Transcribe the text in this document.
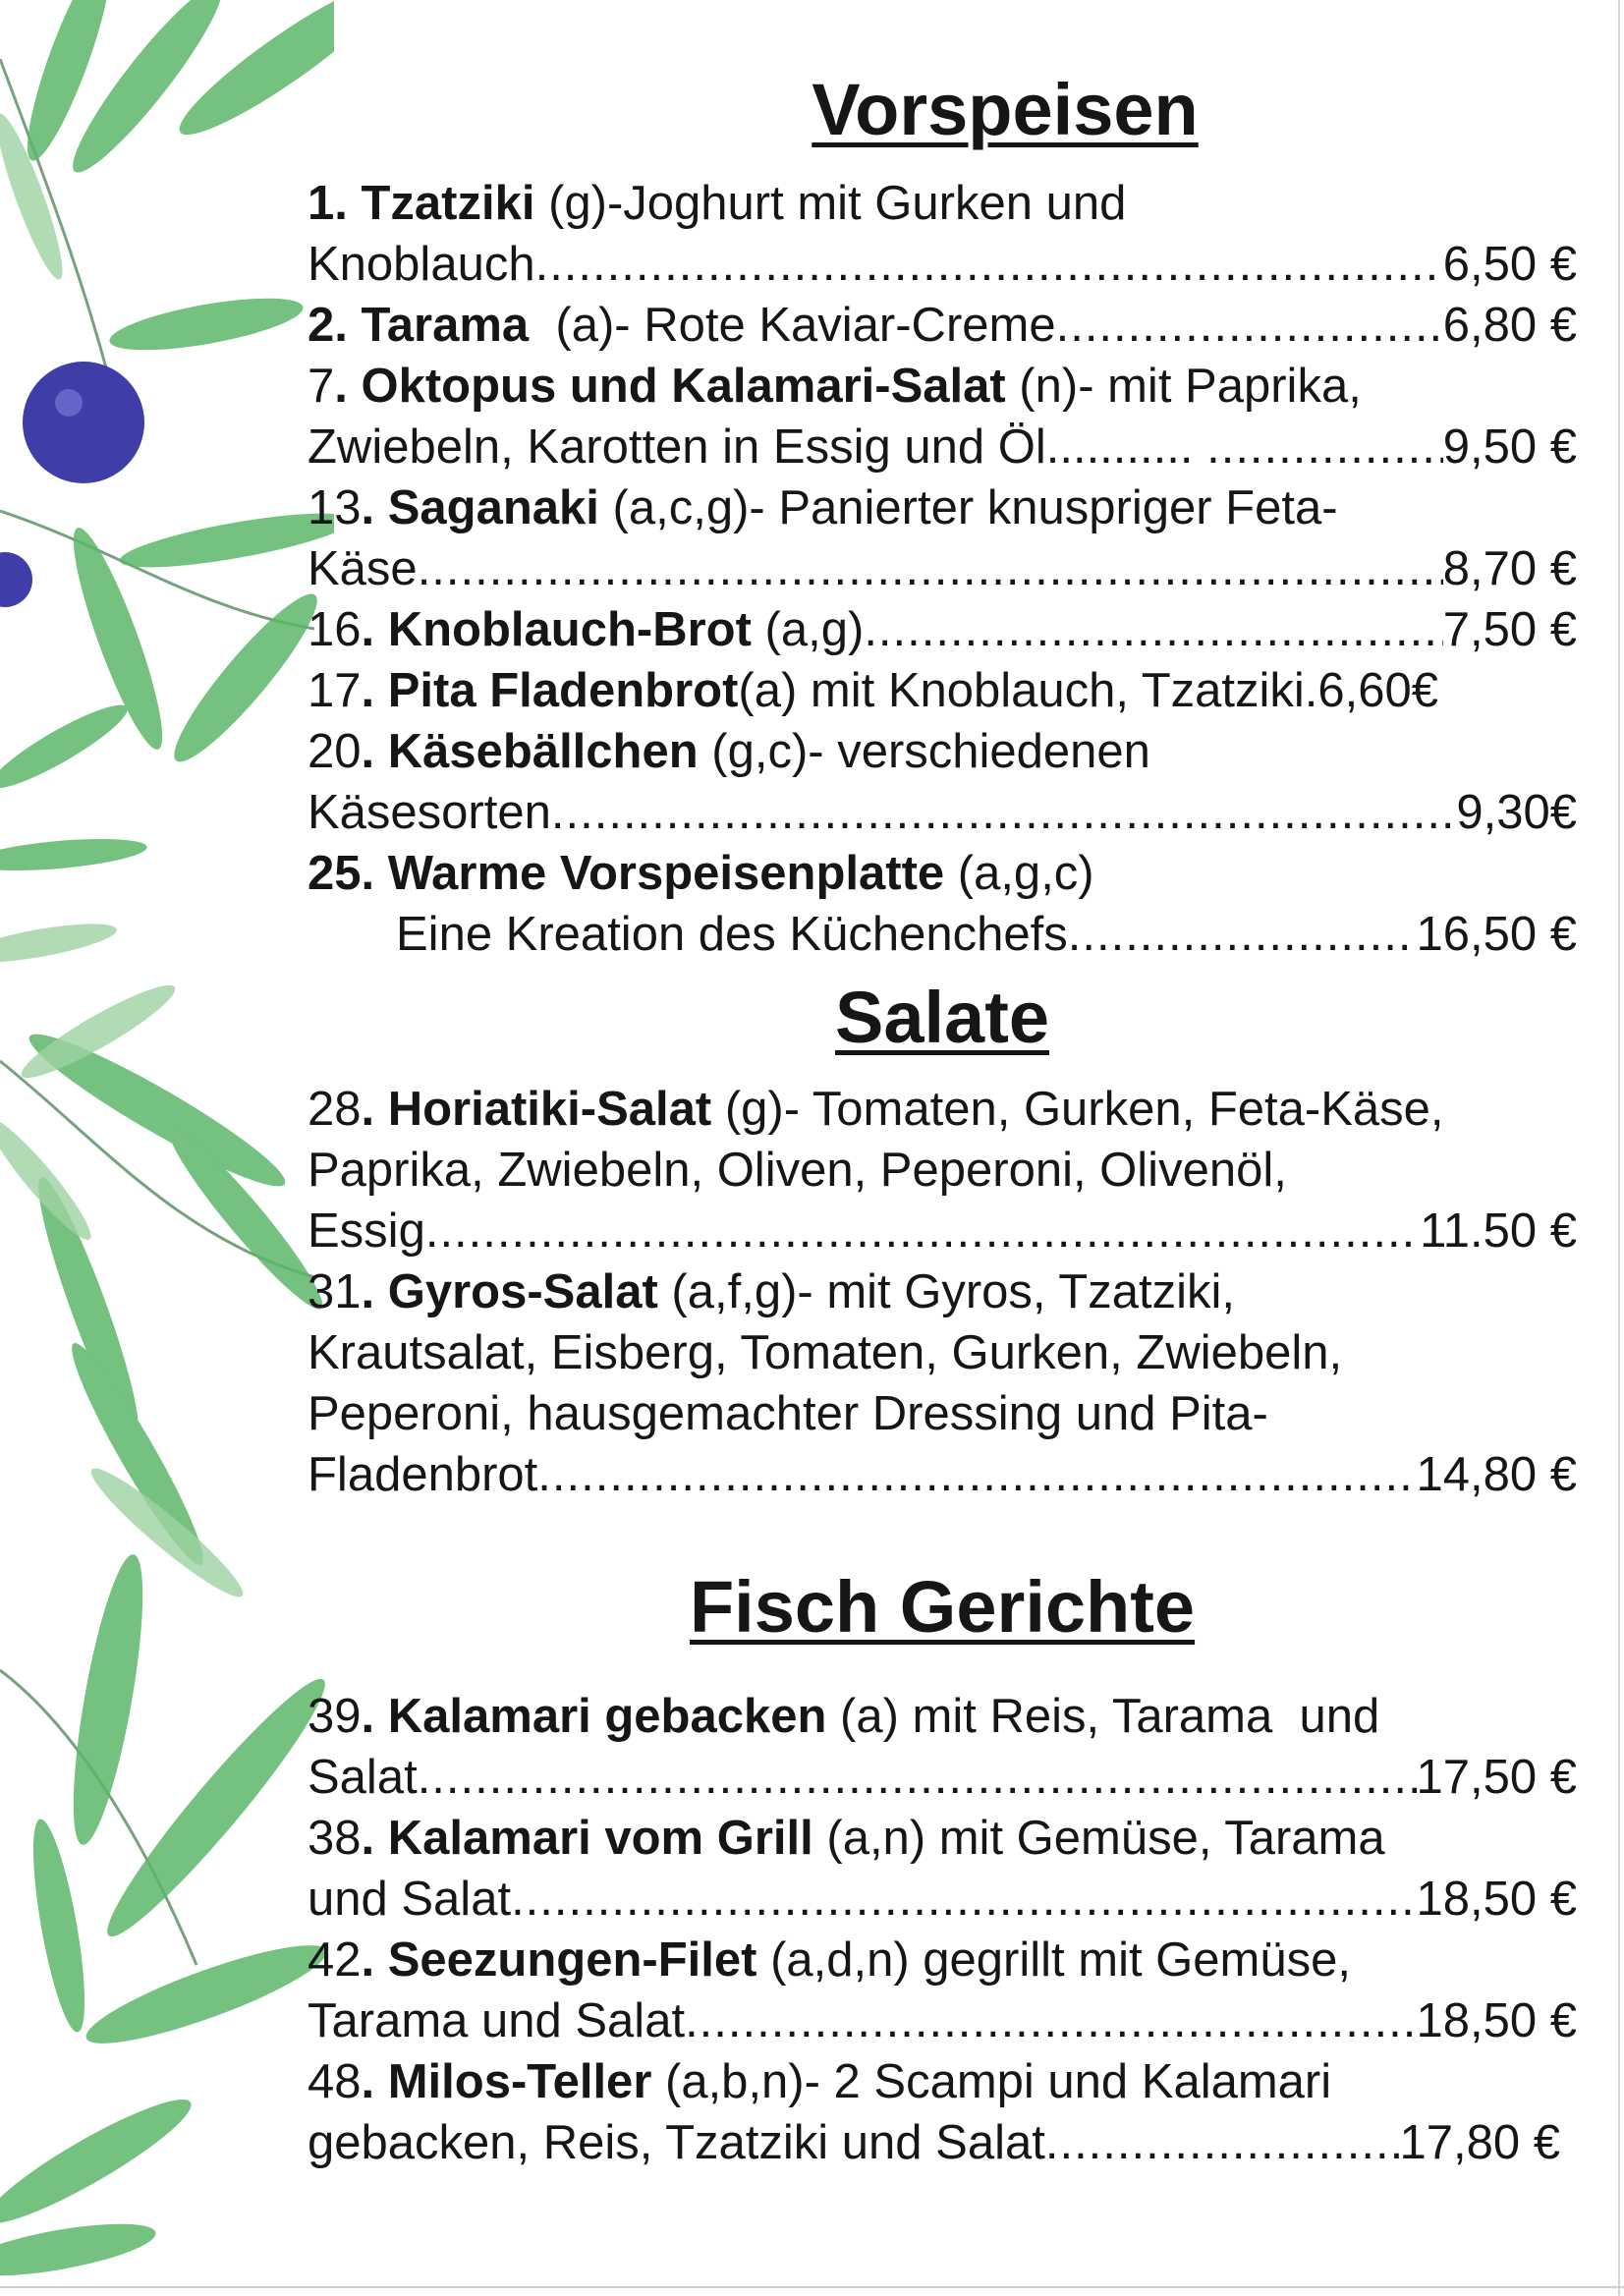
Vorspeisen
1. Tzatziki (g)-Joghurt mit Gurken und
Knoblauch .....	6,50 €
2.
Tarama (a)- Rote Kaviar-Creme .....	6,80 €
7. Oktopus und Kalamari-Salat (n)- mit Paprika,
Zwiebeln, Karotten in Essig und Öl........... .....	9,50 €
13. Saganaki (a,c,g)- Panierter knuspriger Feta-
Käse .....	8,70 €
16 . Knoblauch-Brot (a,g) .....	7,50 €
17. Pita Fladenbrot(a) mit Knoblauch, Tzatziki.6,60€
20. Käsebällchen (g,c)- verschiedenen
Käsesorten .....	9,30€
25. Warme Vorspeisenplatte (a,g,c)
Eine Kreation des Küchenchefs .....	16,50 €
Salate
28. Horiatiki-Salat (g)- Tomaten, Gurken, Feta-Käse,
Paprika, Zwiebeln, Oliven, Peperoni, Olivenöl,
Essig .....	11.50 €
31. Gyros-Salat (a,f,g)- mit Gyros, Tzatziki,
Krautsalat, Eisberg, Tomaten, Gurken, Zwiebeln,
Peperoni, hausgemachter Dressing und Pita-
Fladenbrot .....	14,80 €
Fisch Gerichte
39. Kalamari gebacken (a) mit Reis, Tarama  und
Salat .....	17,50 €
38. Kalamari vom Grill (a,n) mit Gemüse, Tarama
und Salat .....	18,50 €
42. Seezungen-Filet (a,d,n) gegrillt mit Gemüse,
Tarama und Salat .....	18,50 €
48. Milos-Teller (a,b,n)- 2 Scampi und Kalamari
gebacken, Reis, Tzatziki und Salat .....	17,80 €
